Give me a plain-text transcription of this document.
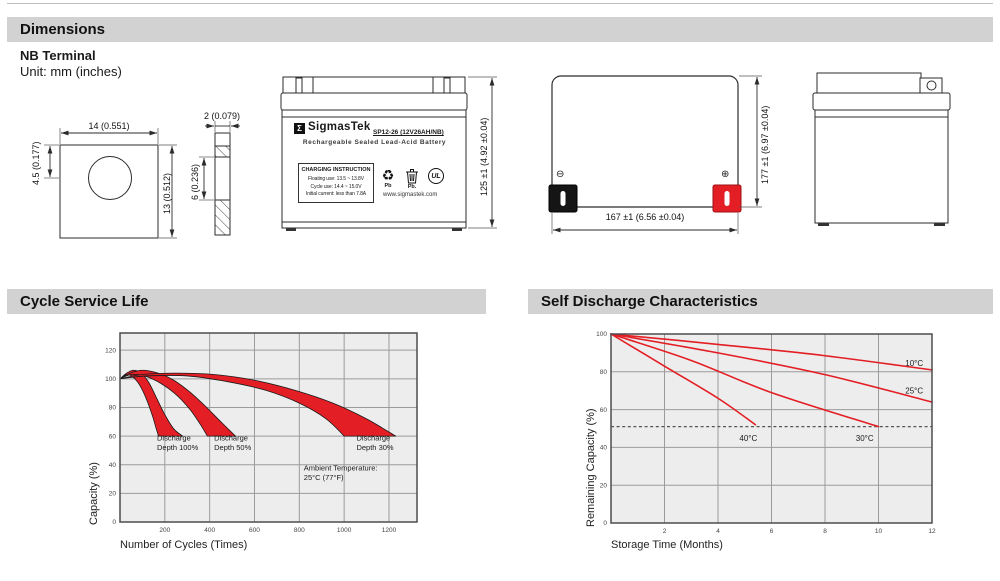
Dimensions
NB Terminal
Unit: mm (inches)
14 (0.551)
13 (0.512)
4.5 (0.177)
2 (0.079)
6 (0.236)	125 ±1 (4.92 ±0.04)
167 ±1 (6.56 ±0.04)
177 ±1 (6.97 ±0.04)
⊖	⊕
Σ SigmasTek SP12-26 (12V26AH/NB)
Rechargeable Sealed Lead-Acid Battery
CHARGING INSTRUCTION
Floating use: 13.5 ~ 13.8V
Cycle use: 14.4 ~ 15.0V
Initial current: less than 7.8A
♻
Pb	Pb.
UL
www.sigmastek.com
Cycle Service Life	Self Discharge Characteristics
200	400	600	800	1000	1200
0
20
40
60
80
100
120
Discharge Depth 100%
Discharge Depth 50%
Discharge Depth 30%
Ambient Temperature: 25°C (77°F)
10°C
25°C
30°C
40°C
2	4	6	8	10	12
0
20
40
60
80
100
Capacity (%)
Number of Cycles (Times)
Remaining Capacity (%)
Storage Time (Months)
